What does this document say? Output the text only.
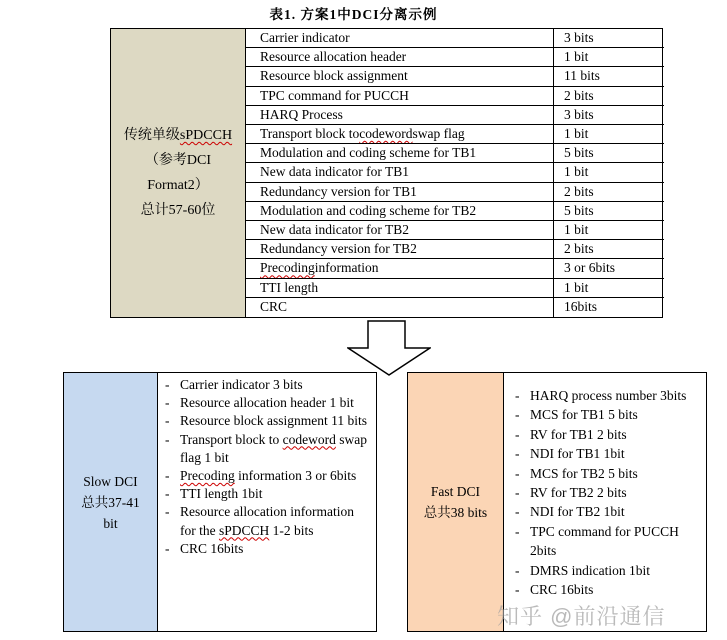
表1. 方案1中DCI分离示例
传统单级sPDCCH
（参考DCI
Format2）
总计57-60位
Carrier indicator	3 bits
Resource allocation header	1 bit
Resource block assignment	11 bits
TPC command for PUCCH	2 bits
HARQ Process	3 bits
Transport block to codeword swap flag	1 bit
Modulation and coding scheme for TB1	5 bits
New data indicator for TB1	1 bit
Redundancy version for TB1	2 bits
Modulation and coding scheme for TB2	5 bits
New data indicator for TB2	1 bit
Redundancy version for TB2	2 bits
Precoding information	3 or 6bits
TTI length	1 bit
CRC	16bits
Slow DCI
总共37-41
bit
- Carrier indicator 3 bits
- Resource allocation header 1 bit
- Resource block assignment 11 bits
- Transport block to codeword swap flag 1 bit
- Precoding information 3 or 6bits
- TTI length 1bit
- Resource allocation information for the sPDCCH 1-2 bits
- CRC 16bits
Fast DCI
总共38 bits
- HARQ process number 3bits
- MCS for TB1 5 bits
- RV for TB1 2 bits
- NDI for TB1 1bit
- MCS for TB2 5 bits
- RV for TB2 2 bits
- NDI for TB2 1bit
- TPC command for PUCCH 2bits
- DMRS indication 1bit
- CRC 16bits
知乎 @前沿通信
